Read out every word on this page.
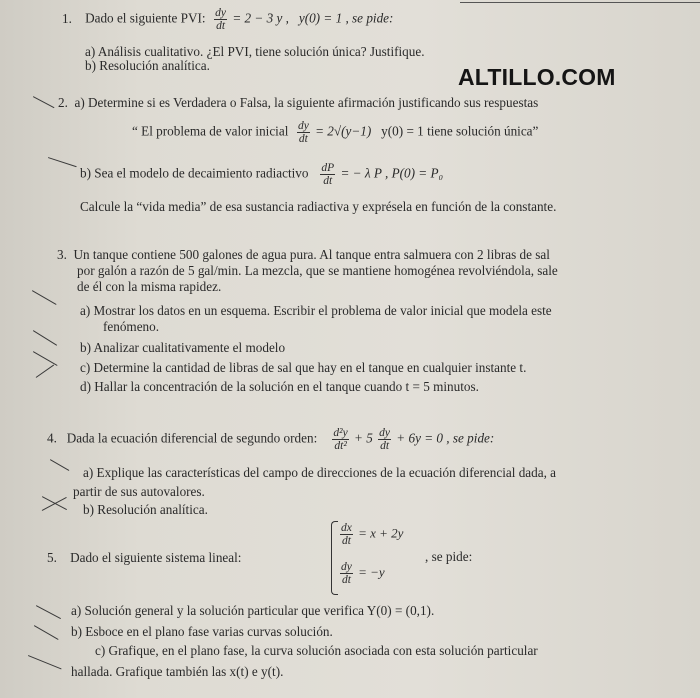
ALTILLO.COM
1. Dado el siguiente PVI: $\frac{dy}{dt} = 2 - 3$ y , y(0) = 1 , se pide:
a) Análisis cualitativo. ¿El PVI, tiene solución única? Justifique.
b) Resolución analítica.
2. a) Determine si es Verdadera o Falsa, la siguiente afirmación justificando sus respuestas
“ El problema de valor inicial $\frac{dy}{dt} = 2√(y-1) y(0) = 1$ tiene solución única”
b) Sea el modelo de decaimiento radiactivo $\frac{dP}{dt}$ = − λ P , P(0) = P₀
Calcule la “vida media” de esa sustancia radiactiva y exprésela en función de la constante.
3. Un tanque contiene 500 galones de agua pura. Al tanque entra salmuera con 2 libras de sal
por galón a razón de 5 gal/min. La mezcla, que se mantiene homogénea revolviéndola, sale
de él con la misma rapidez.
a) Mostrar los datos en un esquema. Escribir el problema de valor inicial que modela este
fenómeno.
b) Analizar cualitativamente el modelo
c) Determine la cantidad de libras de sal que hay en el tanque en cualquier instante t.
d) Hallar la concentración de la solución en el tanque cuando t = 5 minutos.
4. Dada la ecuación diferencial de segundo orden: $\frac{\text{d²y}}{\text{dt²}} + 5 \frac{dy}{dt} + 6y = 0$ , se pide:
a) Explique las características del campo de direcciones de la ecuación diferencial dada, a
partir de sus autovalores.
b) Resolución analítica.
5. Dado el siguiente sistema lineal:
$\frac{dx}{dt} = x + 2y$
$\frac{dy}{dt} = -y$
, se pide:
a) Solución general y la solución particular que verifica Y(0) = (0,1).
b) Esboce en el plano fase varias curvas solución.
c) Grafique, en el plano fase, la curva solución asociada con esta solución particular
hallada. Grafique también las x(t) e y(t).
